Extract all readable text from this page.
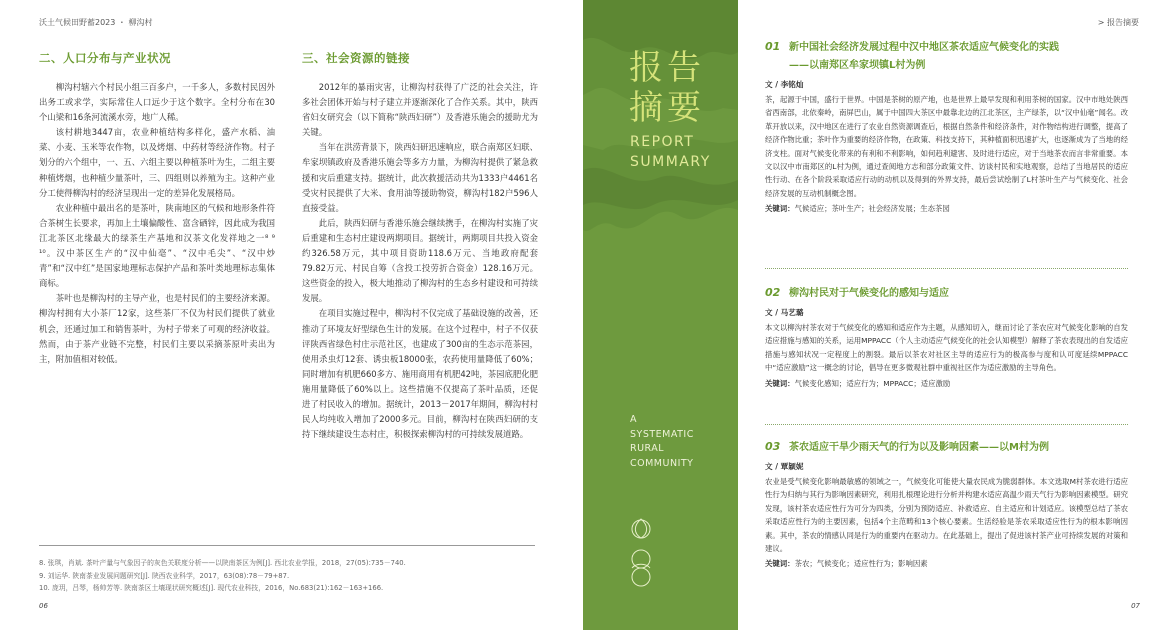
沃土气候田野蓄2023 ・ 柳沟村	> 报告摘要
二、人口分布与产业状况

柳沟村辖六个村民小组三百多户，一千多人，多数村民因外出务工或求学，实际常住人口远少于这个数字。全村分布在30个山梁和16条河流溪水旁，地广人稀。

该村耕地3447亩，农业种植结构多样化，盛产水稻、油菜、小麦、玉米等农作物，以及烤烟、中药材等经济作物。村子划分的六个组中，一、五、六组主要以种植茶叶为生，二组主要种植烤烟，也种植少量茶叶，三、四组则以养殖为主。这种产业分工使得柳沟村的经济呈现出一定的差异化发展格局。

农业种植中最出名的是茶叶，陕南地区的气候和地形条件符合茶树生长要求，再加上土壤偏酸性、富含硒锌，因此成为我国江北茶区北缘最大的绿茶生产基地和汉茶文化发祥地之一⁸ ⁹ ¹⁰。汉中茶区生产的“汉中仙毫”、“汉中毛尖”、“汉中炒青”和“汉中红”是国家地理标志保护产品和茶叶类地理标志集体商标。

茶叶也是柳沟村的主导产业，也是村民们的主要经济来源。柳沟村拥有大小茶厂12家，这些茶厂不仅为村民们提供了就业机会，还通过加工和销售茶叶，为村子带来了可观的经济收益。然而，由于茶产业链不完整，村民们主要以采摘茶原叶卖出为主，附加值相对较低。

三、社会资源的链接

2012年的暴雨灾害，让柳沟村获得了广泛的社会关注，许多社会团体开始与村子建立并逐渐深化了合作关系。其中，陕西省妇女研究会（以下简称“陕西妇研”）及香港乐施会的援助尤为关键。

当年在洪涝背景下，陕西妇研迅速响应，联合南郑区妇联、牟家坝镇政府及香港乐施会等多方力量，为柳沟村提供了紧急救援和灾后重建支持。据统计，此次救援活动共为1333户4461名受灾村民提供了大米、食用油等援助物资，柳沟村182户596人直接受益。

此后，陕西妇研与香港乐施会继续携手，在柳沟村实施了灾后重建和生态村庄建设两期项目。据统计，两期项目共投入资金约326.58万元，其中项目资助118.6万元、当地政府配套79.82万元、村民自筹（含投工投劳折合资金）128.16万元。这些资金的投入，极大地推动了柳沟村的生态乡村建设和可持续发展。

在项目实施过程中，柳沟村不仅完成了基础设施的改善，还推动了环境友好型绿色生计的发展。在这个过程中，村子不仅获评陕西省绿色村庄示范社区，也建成了300亩的生态示范茶园，使用杀虫灯12套、诱虫板18000张，农药使用量降低了60%；同时增加有机肥660多方、施用商用有机肥42吨，茶园底肥化肥施用量降低了60%以上。这些措施不仅提高了茶叶品质，还促进了村民收入的增加。据统计，2013－2017年期间，柳沟村村民人均纯收入增加了2000多元。目前，柳沟村在陕西妇研的支持下继续建设生态村庄，积极探索柳沟村的可持续发展道路。

8. 张琪，肖斌. 茶叶产量与气象因子的灰色关联度分析——以陕南茶区为例[J]. 西北农业学报，2018，27(05):735－740.
9. 刘运华. 陕南茶业发展问题研究[J]. 陕西农业科学，2017，63(08):78－79+87.
10. 庞玥，吕琴，杨帅芳等. 陕南茶区土壤现状研究概述[J]. 现代农业科技，2016，No.683(21):162－163+166.
06
报告
摘要
REPORT
SUMMARY
A
SYSTEMATIC
RURAL
COMMUNITY
01 新中国社会经济发展过程中汉中地区茶农适应气候变化的实践
——以南郑区牟家坝镇L村为例
文 / 李铭灿
茶，起源于中国，盛行于世界。中国是茶树的原产地，也是世界上最早发现和利用茶树的国家。汉中市地处陕西省西南部，北依秦岭，南屏巴山，属于中国四大茶区中最靠北边的江北茶区，主产绿茶，以“汉中仙毫”闻名。改革开放以来，汉中地区在进行了农业自然资源调查后，根据自然条件和经济条件，对作物结构进行调整，提高了经济作物比重；茶叶作为重要的经济作物，在政策、科技支持下，其种植面积迅速扩大，也逐渐成为了当地的经济支柱。面对气候变化带来的有利和不利影响，如何趋利避害、及时进行适应，对于当地茶农而言非常重要。本文以汉中市南郑区的L村为例，通过查阅地方志和部分政策文件、访谈村民和实地观察，总结了当地居民的适应性行动、在各个阶段采取适应行动的动机以及得到的外界支持，最后尝试绘制了L村茶叶生产与气候变化、社会经济发展的互动机制概念图。
关键词：气候适应；茶叶生产；社会经济发展；生态茶园
02 柳沟村民对于气候变化的感知与适应
文 / 马艺璐
本文以柳沟村茶农对于气候变化的感知和适应作为主题，从感知切入，继而讨论了茶农应对气候变化影响的自发适应措施与感知的关系，运用MPPACC（个人主动适应气候变化的社会认知模型）解释了茶农表现出的自发适应措施与感知状况一定程度上的割裂。最后以茶农对社区主导的适应行为的极高参与度和认可度延续MPPACC中“适应激励”这一概念的讨论，倡导在更多微观社群中重视社区作为适应激励的主导角色。
关键词：气候变化感知；适应行为；MPPACC；适应激励
03 茶农适应干旱少雨天气的行为以及影响因素——以M村为例
文 / 覃颖妮
农业是受气候变化影响最敏感的领域之一，气候变化可能使大量农民成为脆弱群体。本文选取M村茶农进行适应性行为归纳与其行为影响因素研究，利用扎根理论进行分析并构建水适应高温少雨天气行为影响因素模型。研究发现，该村茶农适应性行为可分为四类，分别为预防适应、补救适应、自主适应和计划适应。该模型总结了茶农采取适应性行为的主要因素，包括4个主范畴和13个核心要素。生活经验是茶农采取适应性行为的根本影响因素。其中，茶农的情感认同是行为的重要内在驱动力。在此基础上，提出了促进该村茶产业可持续发展的对策和建议。
关键词：茶农；气候变化；适应性行为；影响因素
07
